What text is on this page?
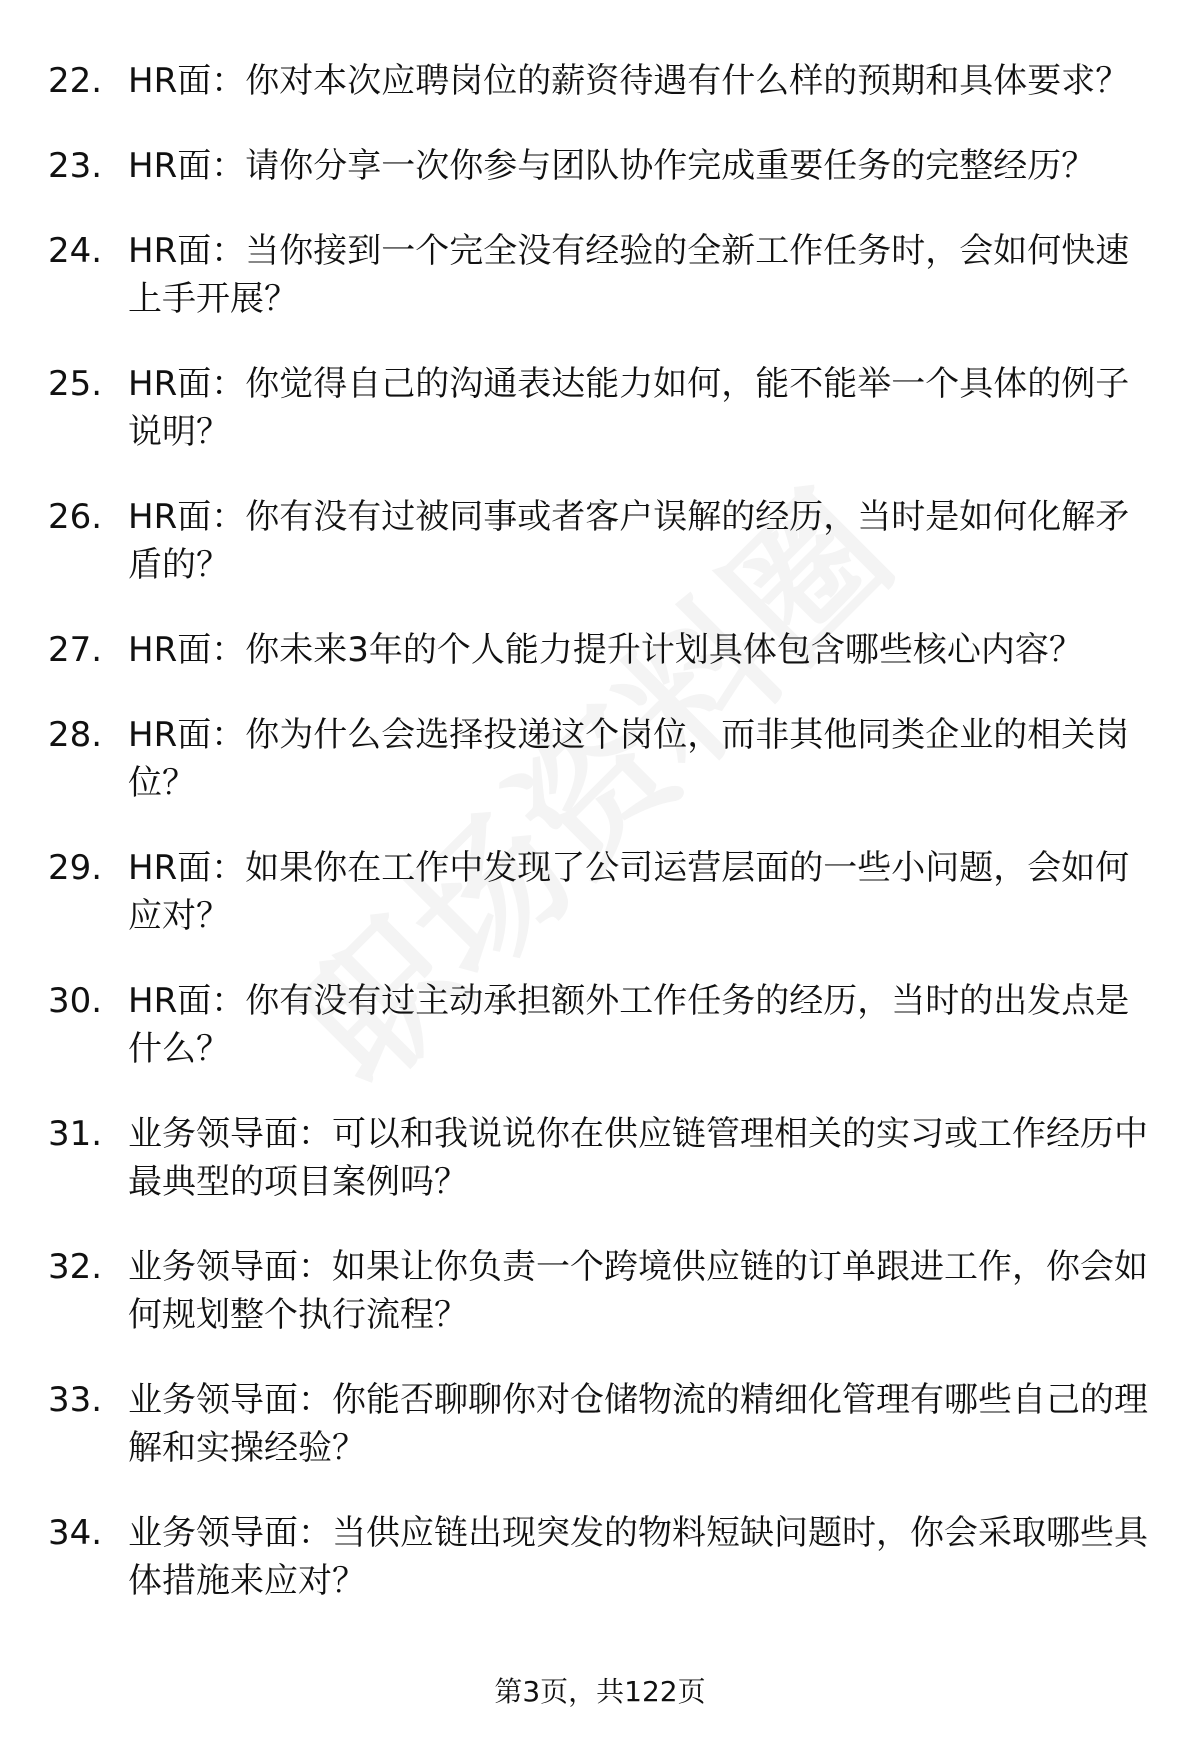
22. HR面：你对本次应聘岗位的薪资待遇有什么样的预期和具体要求？
23. HR面：请你分享一次你参与团队协作完成重要任务的完整经历？
24. HR面：当你接到一个完全没有经验的全新工作任务时，会如何快速上手开展？
25. HR面：你觉得自己的沟通表达能力如何，能不能举一个具体的例子说明？
26. HR面：你有没有过被同事或者客户误解的经历，当时是如何化解矛盾的？
27. HR面：你未来3年的个人能力提升计划具体包含哪些核心内容？
28. HR面：你为什么会选择投递这个岗位，而非其他同类企业的相关岗位？
29. HR面：如果你在工作中发现了公司运营层面的一些小问题，会如何应对？
30. HR面：你有没有过主动承担额外工作任务的经历，当时的出发点是什么？
31. 业务领导面：可以和我说说你在供应链管理相关的实习或工作经历中最典型的项目案例吗？
32. 业务领导面：如果让你负责一个跨境供应链的订单跟进工作，你会如何规划整个执行流程？
33. 业务领导面：你能否聊聊你对仓储物流的精细化管理有哪些自己的理解和实操经验？
34. 业务领导面：当供应链出现突发的物料短缺问题时，你会采取哪些具体措施来应对？
第3页，共122页
